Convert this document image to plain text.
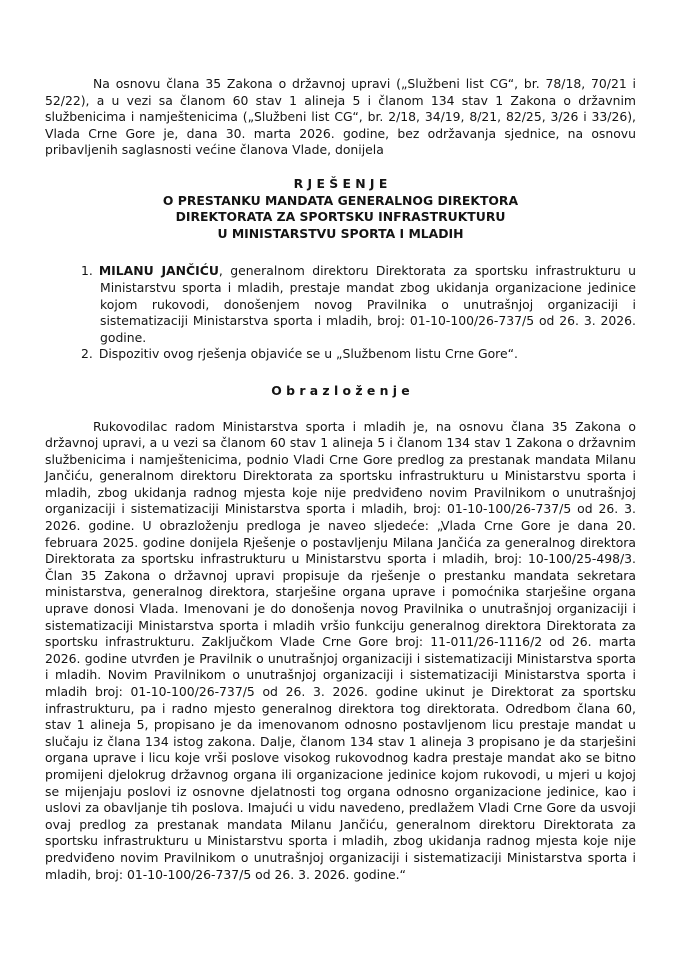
Na osnovu člana 35 Zakona o državnoj upravi („Službeni list CG“, br. 78/18, 70/21 i 52/22), a u vezi sa članom 60 stav 1 alineja 5 i članom 134 stav 1 Zakona o državnim službenicima i namještenicima („Službeni list CG“, br. 2/18, 34/19, 8/21, 82/25, 3/26 i 33/26), Vlada Crne Gore je, dana 30. marta 2026. godine, bez održavanja sjednice, na osnovu pribavljenih saglasnosti većine članova Vlade, donijela

R J E Š E N J E
O PRESTANKU MANDATA GENERALNOG DIREKTORA
DIREKTORATA ZA SPORTSKU INFRASTRUKTURU
U MINISTARSTVU SPORTA I MLADIH
1. MILANU JANČIĆU, generalnom direktoru Direktorata za sportsku infrastrukturu u Ministarstvu sporta i mladih, prestaje mandat zbog ukidanja organizacione jedinice kojom rukovodi, donošenjem novog Pravilnika o unutrašnjoj organizaciji i sistematizaciji Ministarstva sporta i mladih, broj: 01-10-100/26-737/5 od 26. 3. 2026. godine.
2. Dispozitiv ovog rješenja objaviće se u „Službenom listu Crne Gore“.
O b r a z l o ž e n j e

Rukovodilac radom Ministarstva sporta i mladih je, na osnovu člana 35 Zakona o državnoj upravi, a u vezi sa članom 60 stav 1 alineja 5 i članom 134 stav 1 Zakona o državnim službenicima i namještenicima, podnio Vladi Crne Gore predlog za prestanak mandata Milanu Jančiću, generalnom direktoru Direktorata za sportsku infrastrukturu u Ministarstvu sporta i mladih, zbog ukidanja radnog mjesta koje nije predviđeno novim Pravilnikom o unutrašnjoj organizaciji i sistematizaciji Ministarstva sporta i mladih, broj: 01-10-100/26-737/5 od 26. 3. 2026. godine. U obrazloženju predloga je naveo sljedeće: „Vlada Crne Gore je dana 20. februara 2025. godine donijela Rješenje o postavljenju Milana Jančića za generalnog direktora Direktorata za sportsku infrastrukturu u Ministarstvu sporta i mladih, broj: 10-100/25-498/3. Član 35 Zakona o državnoj upravi propisuje da rješenje o prestanku mandata sekretara ministarstva, generalnog direktora, starješine organa uprave i pomoćnika starješine organa uprave donosi Vlada. Imenovani je do donošenja novog Pravilnika o unutrašnjoj organizaciji i sistematizaciji Ministarstva sporta i mladih vršio funkciju generalnog direktora Direktorata za sportsku infrastrukturu. Zaključkom Vlade Crne Gore broj: 11-011/26-1116/2 od 26. marta 2026. godine utvrđen je Pravilnik o unutrašnjoj organizaciji i sistematizaciji Ministarstva sporta i mladih. Novim Pravilnikom o unutrašnjoj organizaciji i sistematizaciji Ministarstva sporta i mladih broj: 01-10-100/26-737/5 od 26. 3. 2026. godine ukinut je Direktorat za sportsku infrastrukturu, pa i radno mjesto generalnog direktora tog direktorata. Odredbom člana 60, stav 1 alineja 5, propisano je da imenovanom odnosno postavljenom licu prestaje mandat u slučaju iz člana 134 istog zakona. Dalje, članom 134 stav 1 alineja 3 propisano je da starješini organa uprave i licu koje vrši poslove visokog rukovodnog kadra prestaje mandat ako se bitno promijeni djelokrug državnog organa ili organizacione jedinice kojom rukovodi, u mjeri u kojoj se mijenjaju poslovi iz osnovne djelatnosti tog organa odnosno organizacione jedinice, kao i uslovi za obavljanje tih poslova. Imajući u vidu navedeno, predlažem Vladi Crne Gore da usvoji ovaj predlog za prestanak mandata Milanu Jančiću, generalnom direktoru Direktorata za sportsku infrastrukturu u Ministarstvu sporta i mladih, zbog ukidanja radnog mjesta koje nije predviđeno novim Pravilnikom o unutrašnjoj organizaciji i sistematizaciji Ministarstva sporta i mladih, broj: 01-10-100/26-737/5 od 26. 3. 2026. godine.“
